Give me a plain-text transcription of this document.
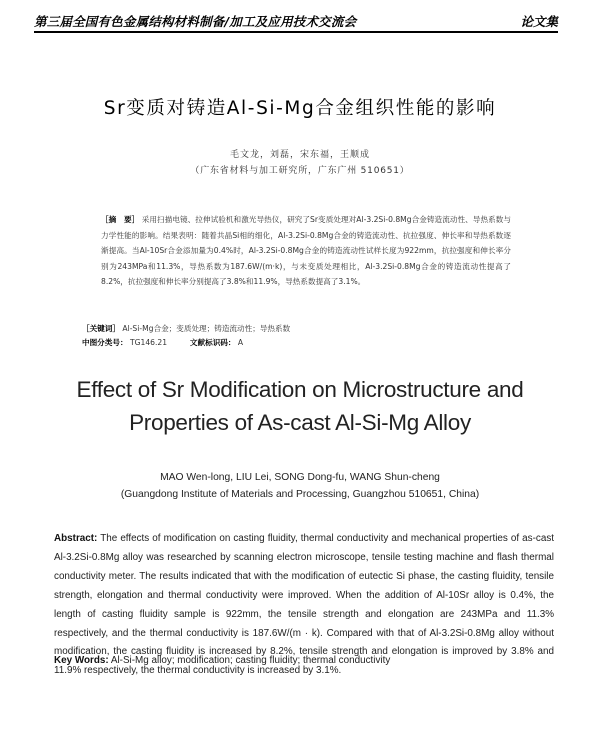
第三届全国有色金属结构材料制备/加工及应用技术交流会	论文集
Sr变质对铸造Al-Si-Mg合金组织性能的影响
毛文龙，刘磊，宋东福，王顺成
（广东省材料与加工研究所，广东广州 510651）
［摘　要］ 采用扫描电镜、拉伸试验机和激光导热仪，研究了Sr变质处理对Al-3.2Si-0.8Mg合金铸造流动性、导热系数与力学性能的影响。结果表明：随着共晶Si相的细化，Al-3.2Si-0.8Mg合金的铸造流动性、抗拉强度、伸长率和导热系数逐渐提高。当Al-10Sr合金添加量为0.4%时，Al-3.2Si-0.8Mg合金的铸造流动性试样长度为922mm，抗拉强度和伸长率分别为243MPa和11.3%，导热系数为187.6W/(m·k)，与未变质处理相比，Al-3.2Si-0.8Mg合金的铸造流动性提高了8.2%，抗拉强度和伸长率分别提高了3.8%和11.9%，导热系数提高了3.1%。
［关键词］ Al-Si-Mg合金；变质处理；铸造流动性；导热系数
中图分类号： TG146.21	文献标识码： A
Effect of Sr Modification on Microstructure and
Properties of As-cast Al-Si-Mg Alloy
MAO Wen-long, LIU Lei, SONG Dong-fu, WANG Shun-cheng
(Guangdong Institute of Materials and Processing, Guangzhou 510651, China)
Abstract: The effects of modification on casting fluidity, thermal conductivity and mechanical properties of as-cast Al-3.2Si-0.8Mg alloy was researched by scanning electron microscope, tensile testing machine and flash thermal conductivity meter. The results indicated that with the modification of eutectic Si phase, the casting fluidity, tensile strength, elongation and thermal conductivity were improved. When the addition of Al-10Sr alloy is 0.4%, the length of casting fluidity sample is 922mm, the tensile strength and elongation are 243MPa and 11.3% respectively, and the thermal conductivity is 187.6W/(m · k). Compared with that of Al-3.2Si-0.8Mg alloy without modification, the casting fluidity is increased by 8.2%, tensile strength and elongation is improved by 3.8% and 11.9% respectively, the thermal conductivity is increased by 3.1%.
Key Words: Al-Si-Mg alloy; modification; casting fluidity; thermal conductivity
